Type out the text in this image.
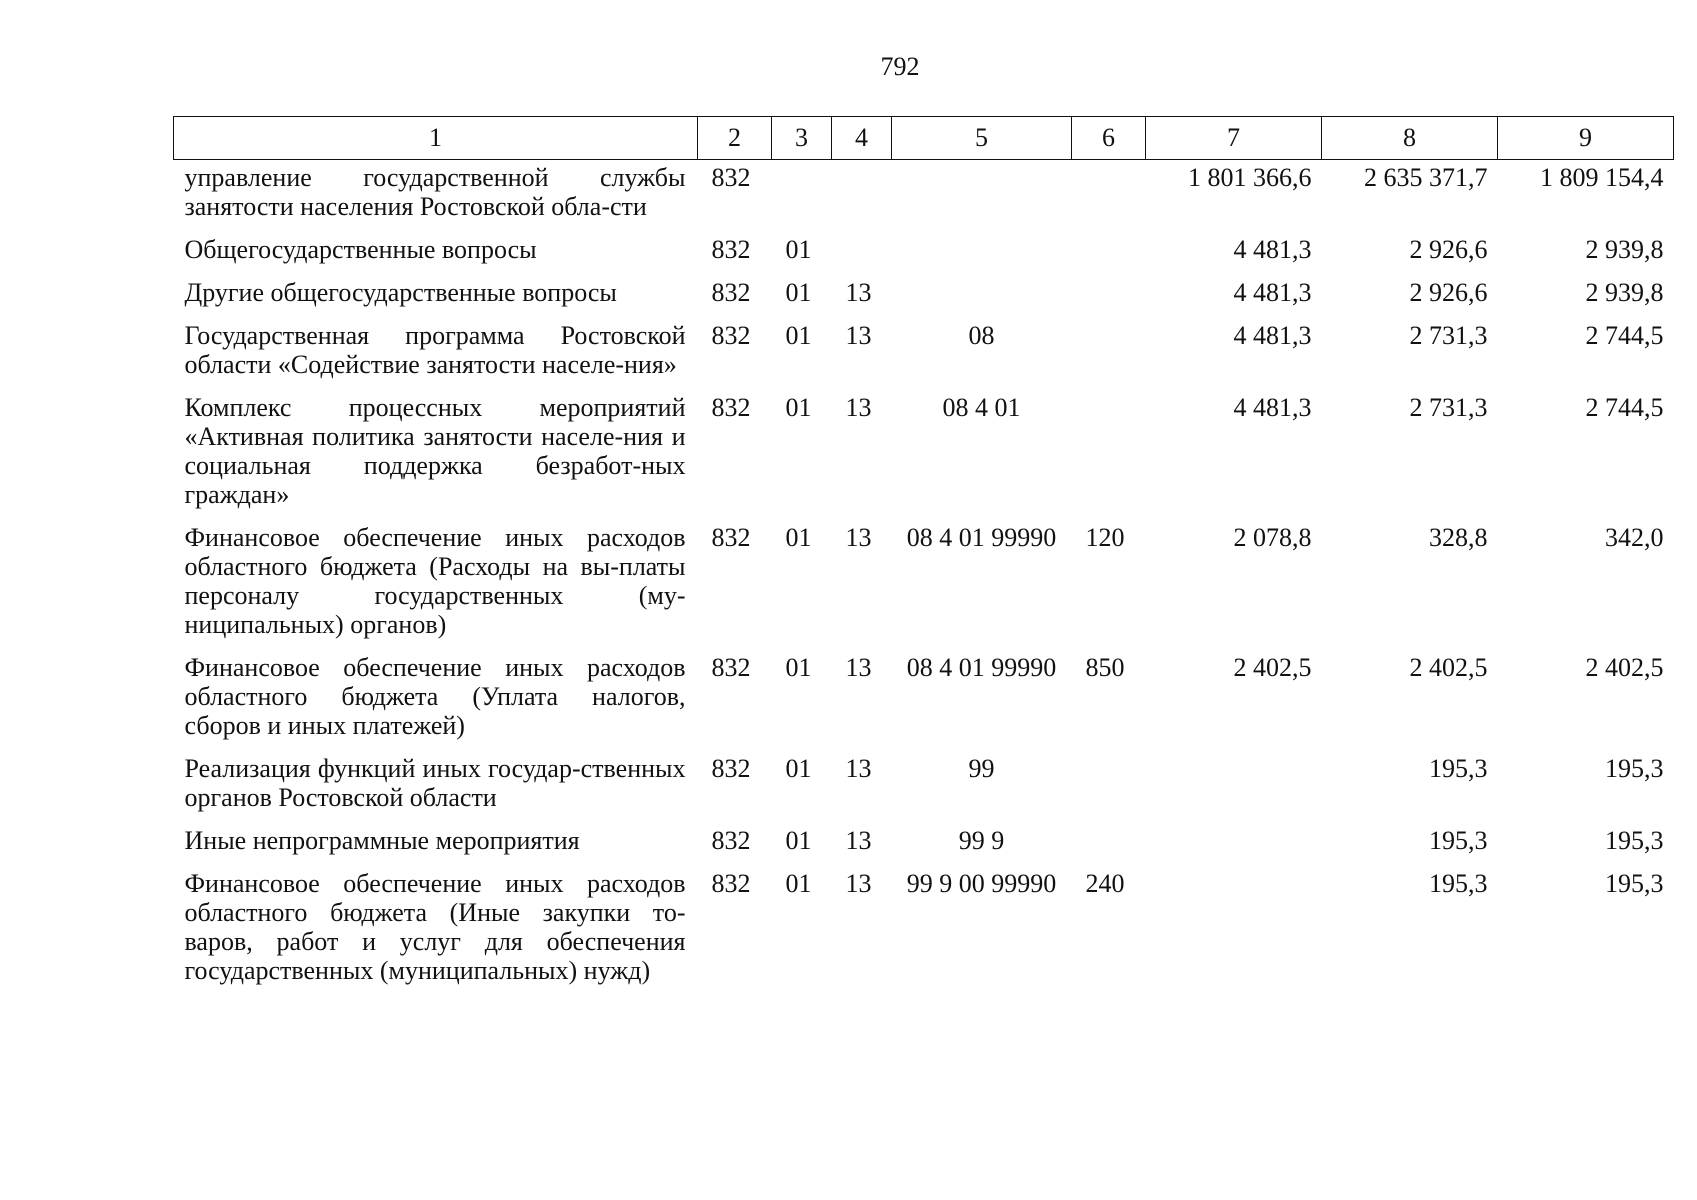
792
1	2	3	4	5	6	7	8	9
управление государственной службы занятости населения Ростовской обла-сти	832					1 801 366,6	2 635 371,7	1 809 154,4
Общегосударственные вопросы	832	01				4 481,3	2 926,6	2 939,8
Другие общегосударственные вопросы	832	01	13			4 481,3	2 926,6	2 939,8
Государственная программа Ростовской области «Содействие занятости населе-ния»	832	01	13	08		4 481,3	2 731,3	2 744,5
Комплекс процессных мероприятий «Активная политика занятости населе-ния и социальная поддержка безработ-ных граждан»	832	01	13	08 4 01		4 481,3	2 731,3	2 744,5
Финансовое обеспечение иных расходов областного бюджета (Расходы на вы-платы персоналу государственных (му-ниципальных) органов)	832	01	13	08 4 01 99990	120	2 078,8	328,8	342,0
Финансовое обеспечение иных расходов областного бюджета (Уплата налогов, сборов и иных платежей)	832	01	13	08 4 01 99990	850	2 402,5	2 402,5	2 402,5
Реализация функций иных государ-ственных органов Ростовской области	832	01	13	99			195,3	195,3
Иные непрограммные мероприятия	832	01	13	99 9			195,3	195,3
Финансовое обеспечение иных расходов областного бюджета (Иные закупки то-варов, работ и услуг для обеспечения государственных (муниципальных) нужд)	832	01	13	99 9 00 99990	240		195,3	195,3
